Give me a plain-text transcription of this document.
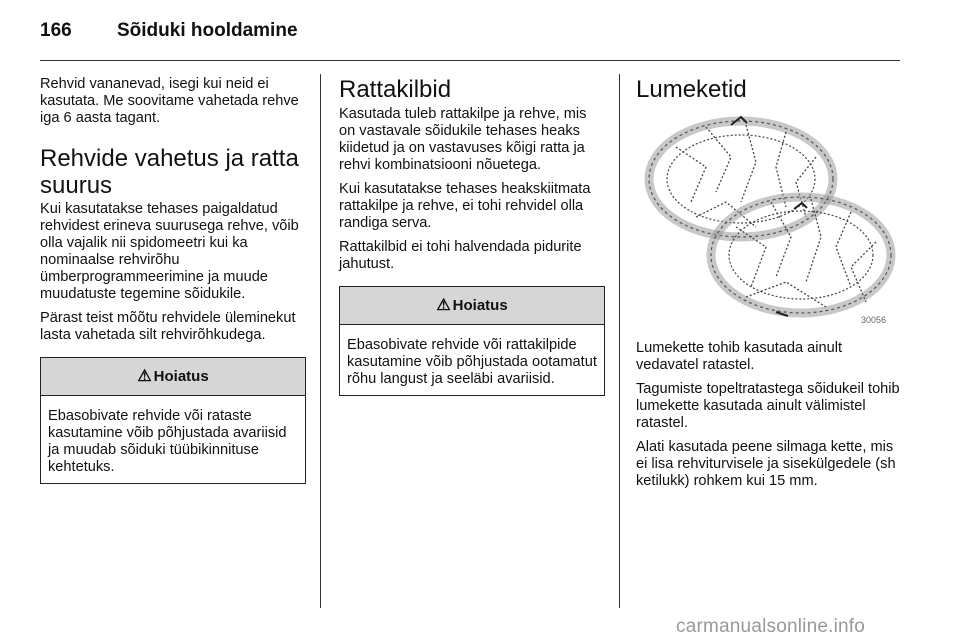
166 Sõiduki hooldamine

Rehvid vananevad, isegi kui neid ei kasutata. Me soovitame vahetada rehve iga 6 aasta tagant.

Rehvide vahetus ja ratta suurus

Kui kasutatakse tehases paigaldatud rehvidest erineva suurusega rehve, võib olla vajalik nii spidomeetri kui ka nominaalse rehvirõhu ümberprogrammeerimine ja muude muudatuste tegemine sõidukile.

Pärast teist mõõtu rehvidele üleminekut lasta vahetada silt rehvirõhkudega.

⚠ Hoiatus
Ebasobivate rehvide või rataste kasutamine võib põhjustada avariisid ja muudab sõiduki tüübikinnituse kehtetuks.
Rattakilbid

Kasutada tuleb rattakilpe ja rehve, mis on vastavale sõidukile tehases heaks kiidetud ja on vastavuses kõigi ratta ja rehvi kombinatsiooni nõuetega.

Kui kasutatakse tehases heakskiitmata rattakilpe ja rehve, ei tohi rehvidel olla randiga serva.

Rattakilbid ei tohi halvendada pidurite jahutust.

⚠ Hoiatus
Ebasobivate rehvide või rattakilpide kasutamine võib põhjustada ootamatut rõhu langust ja seeläbi avariisid.
Lumeketid
30056

Lumekette tohib kasutada ainult vedavatel ratastel.

Tagumiste topeltratastega sõidukeil tohib lumekette kasutada ainult välimistel ratastel.

Alati kasutada peene silmaga kette, mis ei lisa rehviturvisele ja sisekülgedele (sh ketilukk) rohkem kui 15 mm.

carmanualsonline.info
